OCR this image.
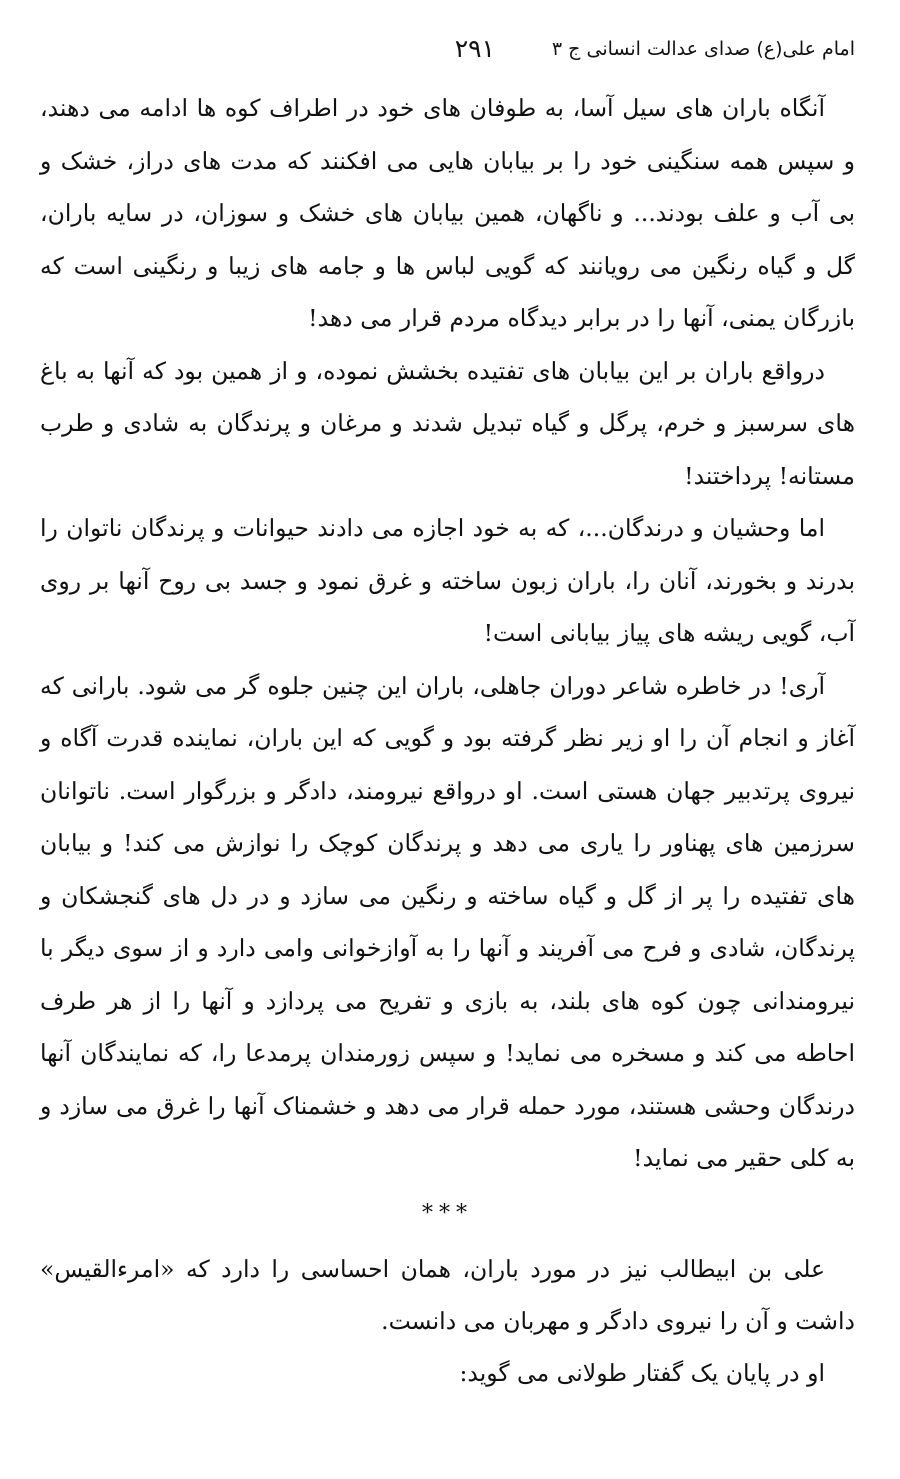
امام علی(ع) صدای عدالت انسانی ج ۳
۲۹۱

آنگاه باران های سیل آسا، به طوفان های خود در اطراف کوه ها ادامه می دهند، و سپس همه سنگینی خود را بر بیابان هایی می افکنند که مدت های دراز، خشک و بی آب و علف بودند... و ناگهان، همین بیابان های خشک و سوزان، در سایه باران، گل و گیاه رنگین می رویانند که گویی لباس ها و جامه های زیبا و رنگینی است که بازرگان یمنی، آنها را در برابر دیدگاه مردم قرار می دهد!

درواقع باران بر این بیابان های تفتیده بخشش نموده، و از همین بود که آنها به باغ های سرسبز و خرم، پرگل و گیاه تبدیل شدند و مرغان و پرندگان به شادی و طرب مستانه! پرداختند!

اما وحشیان و درندگان...، که به خود اجازه می دادند حیوانات و پرندگان ناتوان را بدرند و بخورند، آنان را، باران زبون ساخته و غرق نمود و جسد بی روح آنها بر روی آب، گویی ریشه های پیاز بیابانی است!

آری! در خاطره شاعر دوران جاهلی، باران این چنین جلوه گر می شود. بارانی که آغاز و انجام آن را او زیر نظر گرفته بود و گویی که این باران، نماینده قدرت آگاه و نیروی پرتدبیر جهان هستی است. او درواقع نیرومند، دادگر و بزرگوار است. ناتوانان سرزمین های پهناور را یاری می دهد و پرندگان کوچک را نوازش می کند! و بیابان های تفتیده را پر از گل و گیاه ساخته و رنگین می سازد و در دل های گنجشکان و پرندگان، شادی و فرح می آفریند و آنها را به آوازخوانی وامی دارد و از سوی دیگر با نیرومندانی چون کوه های بلند، به بازی و تفریح می پردازد و آنها را از هر طرف احاطه می کند و مسخره می نماید! و سپس زورمندان پرمدعا را، که نمایندگان آنها درندگان وحشی هستند، مورد حمله قرار می دهد و خشمناک آنها را غرق می سازد و به کلی حقیر می نماید!

***

علی بن ابیطالب نیز در مورد باران، همان احساسی را دارد که «امرءالقیس» داشت و آن را نیروی دادگر و مهربان می دانست.

او در پایان یک گفتار طولانی می گوید:
